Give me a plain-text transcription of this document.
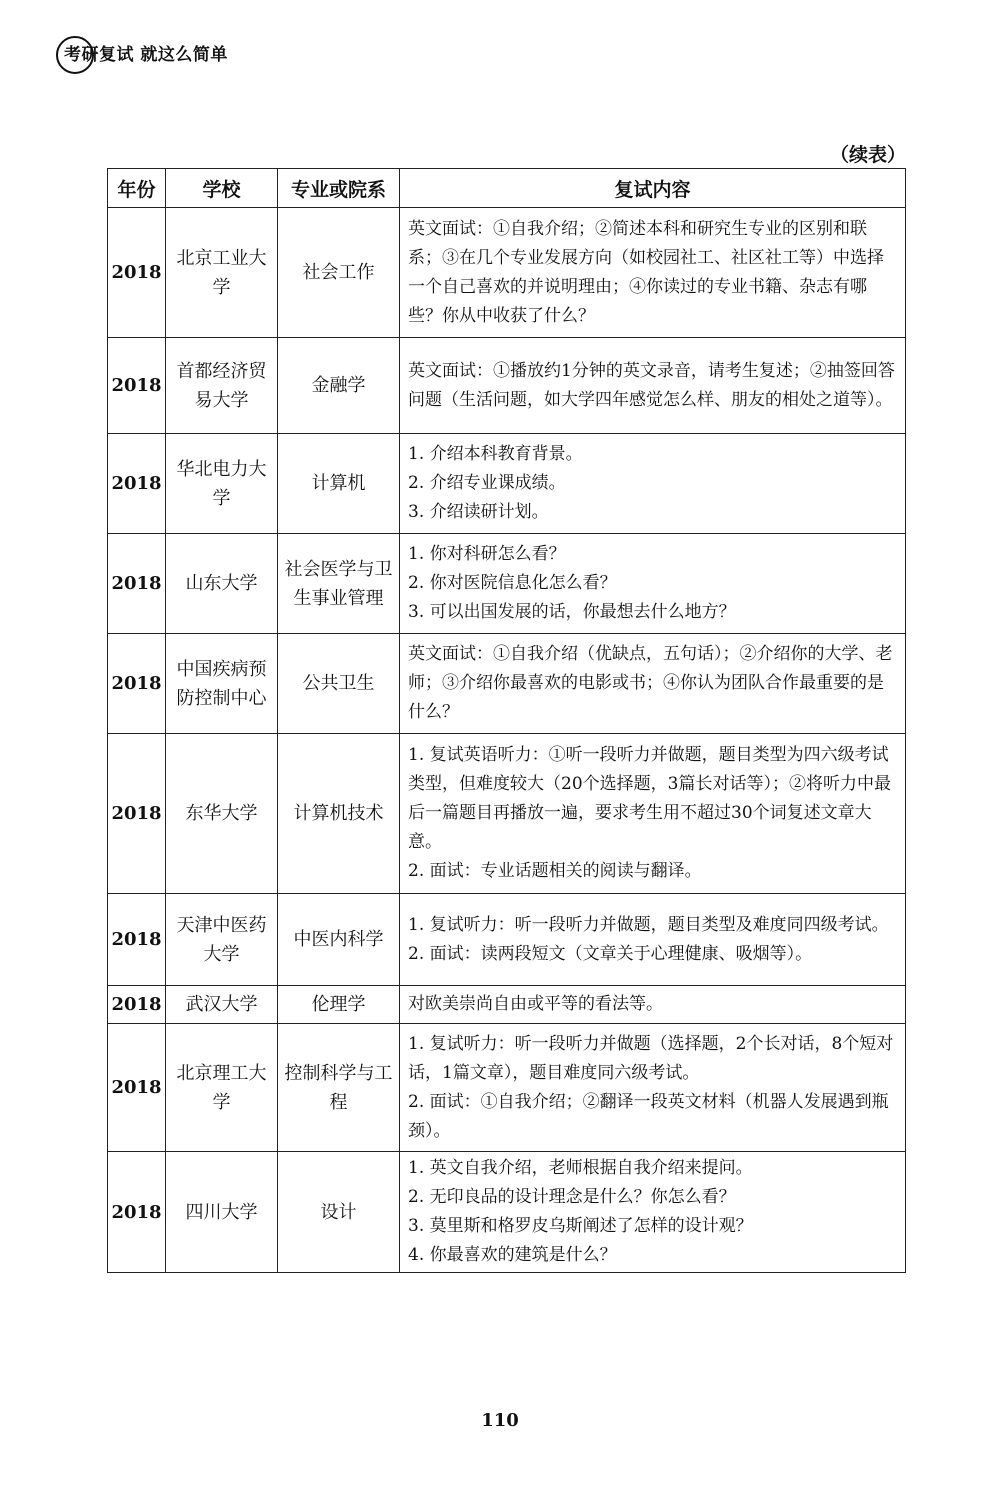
考研复试 就这么简单
（续表）
年份	学校	专业或院系	复试内容
2018	北京工业大学	社会工作	英文面试：①自我介绍；②简述本科和研究生专业的区别和联系；③在几个专业发展方向（如校园社工、社区社工等）中选择一个自己喜欢的并说明理由；④你读过的专业书籍、杂志有哪些？你从中收获了什么？

2018	首都经济贸易大学	金融学	英文面试：①播放约1分钟的英文录音，请考生复述；②抽签回答问题（生活问题，如大学四年感觉怎么样、朋友的相处之道等）。

2018	华北电力大学	计算机	1. 介绍本科教育背景。
2. 介绍专业课成绩。
3. 介绍读研计划。

2018	山东大学	社会医学与卫生事业管理	1. 你对科研怎么看？
2. 你对医院信息化怎么看？
3. 可以出国发展的话，你最想去什么地方？

2018	中国疾病预防控制中心	公共卫生	英文面试：①自我介绍（优缺点，五句话）；②介绍你的大学、老师；③介绍你最喜欢的电影或书；④你认为团队合作最重要的是什么？

2018	东华大学	计算机技术	1. 复试英语听力：①听一段听力并做题，题目类型为四六级考试类型，但难度较大（20个选择题，3篇长对话等）；②将听力中最后一篇题目再播放一遍，要求考生用不超过30个词复述文章大意。
2. 面试：专业话题相关的阅读与翻译。

2018	天津中医药大学	中医内科学	1. 复试听力：听一段听力并做题，题目类型及难度同四级考试。
2. 面试：读两段短文（文章关于心理健康、吸烟等）。

2018	武汉大学	伦理学	对欧美崇尚自由或平等的看法等。

2018	北京理工大学	控制科学与工程	1. 复试听力：听一段听力并做题（选择题，2个长对话，8个短对话，1篇文章），题目难度同六级考试。
2. 面试：①自我介绍；②翻译一段英文材料（机器人发展遇到瓶颈）。

2018	四川大学	设计	1. 英文自我介绍，老师根据自我介绍来提问。
2. 无印良品的设计理念是什么？你怎么看？
3. 莫里斯和格罗皮乌斯阐述了怎样的设计观？
4. 你最喜欢的建筑是什么？
110
